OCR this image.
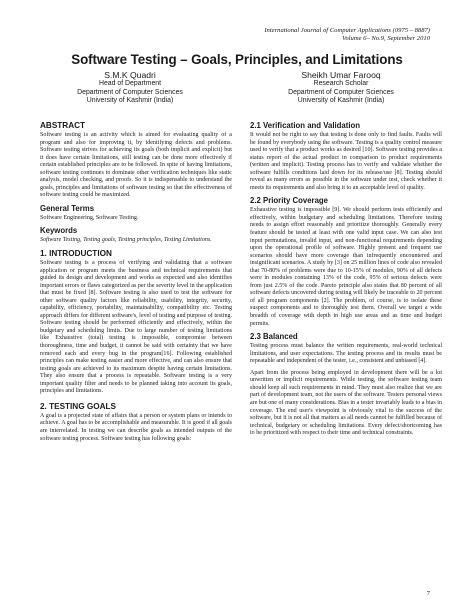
International Journal of Computer Applications (0975 – 8887)
Volume 6– No.9, September 2010
Software Testing – Goals, Principles, and Limitations
S.M.K Quadri
Head of Department
Department of Computer Sciences
University of Kashmir (India)
Sheikh Umar Farooq
Research Scholar
Department of Computer Sciences
University of Kashmir (India)
ABSTRACT

Software testing is an activity which is aimed for evaluating quality of a program and also for improving it, by identifying defects and problems. Software testing strives for achieving its goals (both implicit and explicit) but it does have certain limitations, still testing can be done more effectively if certain established principles are to be followed. In spite of having limitations, software testing continues to dominate other verification techniques like static analysis, model checking, and proofs. So it is indispensable to understand the goals, principles and limitations of software testing so that the effectiveness of software testing could be maximized.

General Terms

Software Engineering, Software Testing.

Keywords

Software Testing, Testing goals, Testing principles, Testing Limitations.

1. INTRODUCTION

Software testing is a process of verifying and validating that a software application or program meets the business and technical requirements that guided its design and development and works as expected and also identifies important errors or flaws categorized as per the severity level in the application that must be fixed [8]. Software testing is also used to test the software for other software quality factors like reliability, usability, integrity, security, capability, efficiency, portability, maintainability, compatibility etc. Testing approach differs for different software's, level of testing and purpose of testing. Software testing should be performed efficiently and effectively, within the budgetary and scheduling limits. Due to large number of testing limitations like Exhaustive (total) testing is impossible, compromise between thoroughness, time and budget, it cannot be said with certainty that we have removed each and every bug in the program[16]. Following established principles can make testing easier and more effective, and can also ensure that testing goals are achieved to its maximum despite having certain limitations. They also ensure that a process is repeatable. Software testing is a very important quality filter and needs to be planned taking into account its goals, principles and limitations.

2. TESTING GOALS

A goal is a projected state of affairs that a person or system plans or intends to achieve. A goal has to be accomplishable and measurable. It is good if all goals are interrelated. In testing we can describe goals as intended outputs of the software testing process. Software testing has following goals:

2.1 Verification and Validation

It would not be right to say that testing is done only to find faults. Faults will be found by everybody using the software. Testing is a quality control measure used to verify that a product works as desired [10]. Software testing provides a status report of the actual product in comparison to product requirements (written and implicit). Testing process has to verify and validate whether the software fulfills conditions laid down for its release/use [8]. Testing should reveal as many errors as possible in the software under test, check whether it meets its requirements and also bring it to an acceptable level of quality.

2.2 Priority Coverage

Exhaustive testing is impossible [9]. We should perform tests efficiently and effectively, within budgetary and scheduling limitations. Therefore testing needs to assign effort reasonably and prioritize thoroughly. Generally every feature should be tested at least with one valid input case. We can also test input permutations, invalid input, and non-functional requirements depending upon the operational profile of software. Highly present and frequent use scenarios should have more coverage than infrequently encountered and insignificant scenarios. A study by [3] on 25 million lines of code also revealed that 70-80% of problems were due to 10-15% of modules, 90% of all defects were in modules containing 13% of the code, 95% of serious defects were from just 2.5% of the code. Pareto principle also states that 80 percent of all software defects uncovered during testing will likely be traceable to 20 percent of all program components [2]. The problem, of course, is to isolate these suspect components and to thoroughly test them. Overall we target a wide breadth of coverage with depth in high use areas and as time and budget permits.

2.3 Balanced

Testing process must balance the written requirements, real-world technical limitations, and user expectations. The testing process and its results must be repeatable and independent of the tester, i.e., consistent and unbiased [4].

Apart from the process being employed in development there will be a lot unwritten or implicit requirements. While testing, the software testing team should keep all such requirements in mind. They must also realize that we are part of development team, not the users of the software. Testers personal views are but one of many considerations. Bias in a tester invariably leads to a bias in coverage. The end user's viewpoint is obviously vital to the success of the software, but it is not all that matters as all needs cannot be fulfilled because of technical, budgetary or scheduling limitations. Every defect/shortcoming has to be prioritized with respect to their time and technical constraints.

7
